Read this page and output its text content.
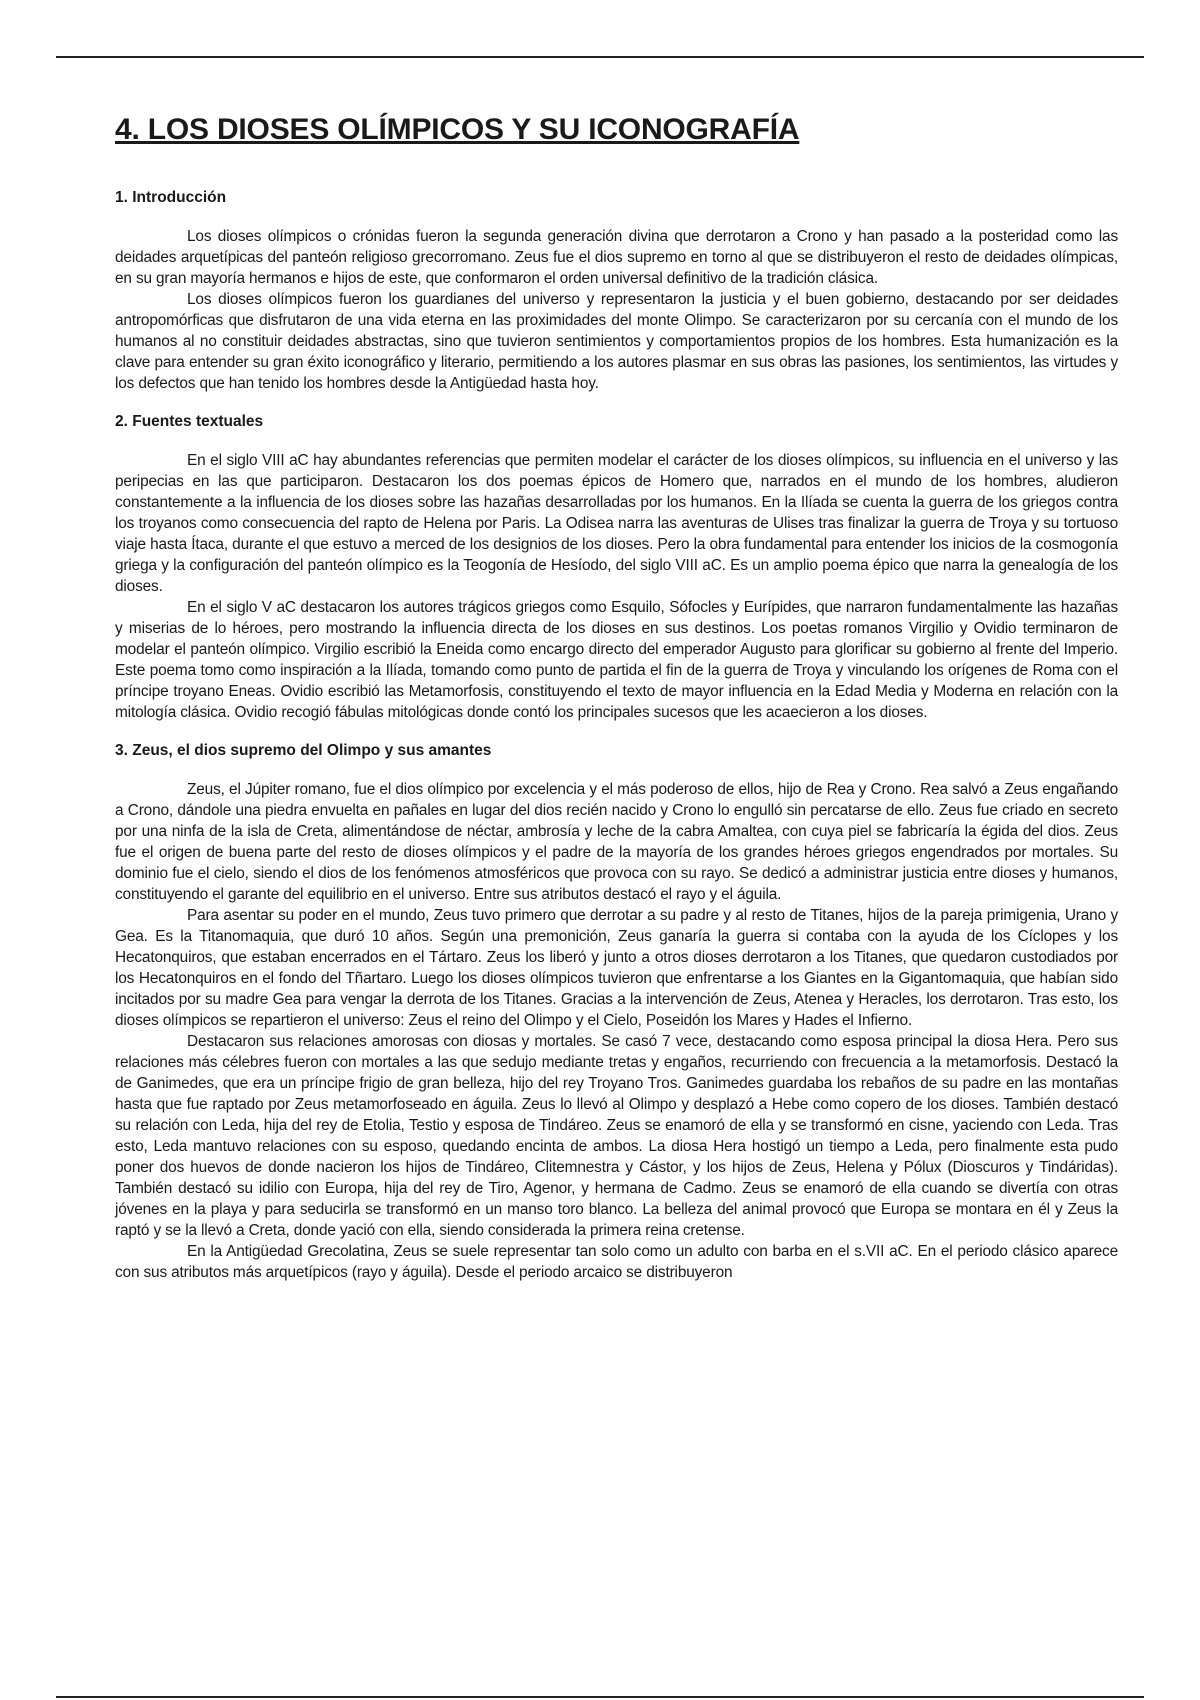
4. LOS DIOSES OLÍMPICOS Y SU ICONOGRAFÍA
1. Introducción

Los dioses olímpicos o crónidas fueron la segunda generación divina que derrotaron a Crono y han pasado a la posteridad como las deidades arquetípicas del panteón religioso grecorromano. Zeus fue el dios supremo en torno al que se distribuyeron el resto de deidades olímpicas, en su gran mayoría hermanos e hijos de este, que conformaron el orden universal definitivo de la tradición clásica.

Los dioses olímpicos fueron los guardianes del universo y representaron la justicia y el buen gobierno, destacando por ser deidades antropomórficas que disfrutaron de una vida eterna en las proximidades del monte Olimpo. Se caracterizaron por su cercanía con el mundo de los humanos al no constituir deidades abstractas, sino que tuvieron sentimientos y comportamientos propios de los hombres. Esta humanización es la clave para entender su gran éxito iconográfico y literario, permitiendo a los autores plasmar en sus obras las pasiones, los sentimientos, las virtudes y los defectos que han tenido los hombres desde la Antigüedad hasta hoy.

2. Fuentes textuales

En el siglo VIII aC hay abundantes referencias que permiten modelar el carácter de los dioses olímpicos, su influencia en el universo y las peripecias en las que participaron. Destacaron los dos poemas épicos de Homero que, narrados en el mundo de los hombres, aludieron constantemente a la influencia de los dioses sobre las hazañas desarrolladas por los humanos. En la Ilíada se cuenta la guerra de los griegos contra los troyanos como consecuencia del rapto de Helena por Paris. La Odisea narra las aventuras de Ulises tras finalizar la guerra de Troya y su tortuoso viaje hasta Ítaca, durante el que estuvo a merced de los designios de los dioses. Pero la obra fundamental para entender los inicios de la cosmogonía griega y la configuración del panteón olímpico es la Teogonía de Hesíodo, del siglo VIII aC. Es un amplio poema épico que narra la genealogía de los dioses.

En el siglo V aC destacaron los autores trágicos griegos como Esquilo, Sófocles y Eurípides, que narraron fundamentalmente las hazañas y miserias de lo héroes, pero mostrando la influencia directa de los dioses en sus destinos. Los poetas romanos Virgilio y Ovidio terminaron de modelar el panteón olímpico. Virgilio escribió la Eneida como encargo directo del emperador Augusto para glorificar su gobierno al frente del Imperio. Este poema tomo como inspiración a la Ilíada, tomando como punto de partida el fin de la guerra de Troya y vinculando los orígenes de Roma con el príncipe troyano Eneas. Ovidio escribió las Metamorfosis, constituyendo el texto de mayor influencia en la Edad Media y Moderna en relación con la mitología clásica. Ovidio recogió fábulas mitológicas donde contó los principales sucesos que les acaecieron a los dioses.

3. Zeus, el dios supremo del Olimpo y sus amantes

Zeus, el Júpiter romano, fue el dios olímpico por excelencia y el más poderoso de ellos, hijo de Rea y Crono. Rea salvó a Zeus engañando a Crono, dándole una piedra envuelta en pañales en lugar del dios recién nacido y Crono lo engulló sin percatarse de ello. Zeus fue criado en secreto por una ninfa de la isla de Creta, alimentándose de néctar, ambrosía y leche de la cabra Amaltea, con cuya piel se fabricaría la égida del dios. Zeus fue el origen de buena parte del resto de dioses olímpicos y el padre de la mayoría de los grandes héroes griegos engendrados por mortales. Su dominio fue el cielo, siendo el dios de los fenómenos atmosféricos que provoca con su rayo. Se dedicó a administrar justicia entre dioses y humanos, constituyendo el garante del equilibrio en el universo. Entre sus atributos destacó el rayo y el águila.

Para asentar su poder en el mundo, Zeus tuvo primero que derrotar a su padre y al resto de Titanes, hijos de la pareja primigenia, Urano y Gea. Es la Titanomaquia, que duró 10 años. Según una premonición, Zeus ganaría la guerra si contaba con la ayuda de los Cíclopes y los Hecatonquiros, que estaban encerrados en el Tártaro. Zeus los liberó y junto a otros dioses derrotaron a los Titanes, que quedaron custodiados por los Hecatonquiros en el fondo del Tñartaro. Luego los dioses olímpicos tuvieron que enfrentarse a los Giantes en la Gigantomaquia, que habían sido incitados por su madre Gea para vengar la derrota de los Titanes. Gracias a la intervención de Zeus, Atenea y Heracles, los derrotaron. Tras esto, los dioses olímpicos se repartieron el universo: Zeus el reino del Olimpo y el Cielo, Poseidón los Mares y Hades el Infierno.

Destacaron sus relaciones amorosas con diosas y mortales. Se casó 7 vece, destacando como esposa principal la diosa Hera. Pero sus relaciones más célebres fueron con mortales a las que sedujo mediante tretas y engaños, recurriendo con frecuencia a la metamorfosis. Destacó la de Ganimedes, que era un príncipe frigio de gran belleza, hijo del rey Troyano Tros. Ganimedes guardaba los rebaños de su padre en las montañas hasta que fue raptado por Zeus metamorfoseado en águila. Zeus lo llevó al Olimpo y desplazó a Hebe como copero de los dioses. También destacó su relación con Leda, hija del rey de Etolia, Testio y esposa de Tindáreo. Zeus se enamoró de ella y se transformó en cisne, yaciendo con Leda. Tras esto, Leda mantuvo relaciones con su esposo, quedando encinta de ambos. La diosa Hera hostigó un tiempo a Leda, pero finalmente esta pudo poner dos huevos de donde nacieron los hijos de Tindáreo, Clitemnestra y Cástor, y los hijos de Zeus, Helena y Pólux (Dioscuros y Tindáridas). También destacó su idilio con Europa, hija del rey de Tiro, Agenor, y hermana de Cadmo. Zeus se enamoró de ella cuando se divertía con otras jóvenes en la playa y para seducirla se transformó en un manso toro blanco. La belleza del animal provocó que Europa se montara en él y Zeus la raptó y se la llevó a Creta, donde yació con ella, siendo considerada la primera reina cretense.

En la Antigüedad Grecolatina, Zeus se suele representar tan solo como un adulto con barba en el s.VII aC. En el periodo clásico aparece con sus atributos más arquetípicos (rayo y águila). Desde el periodo arcaico se distribuyeron
